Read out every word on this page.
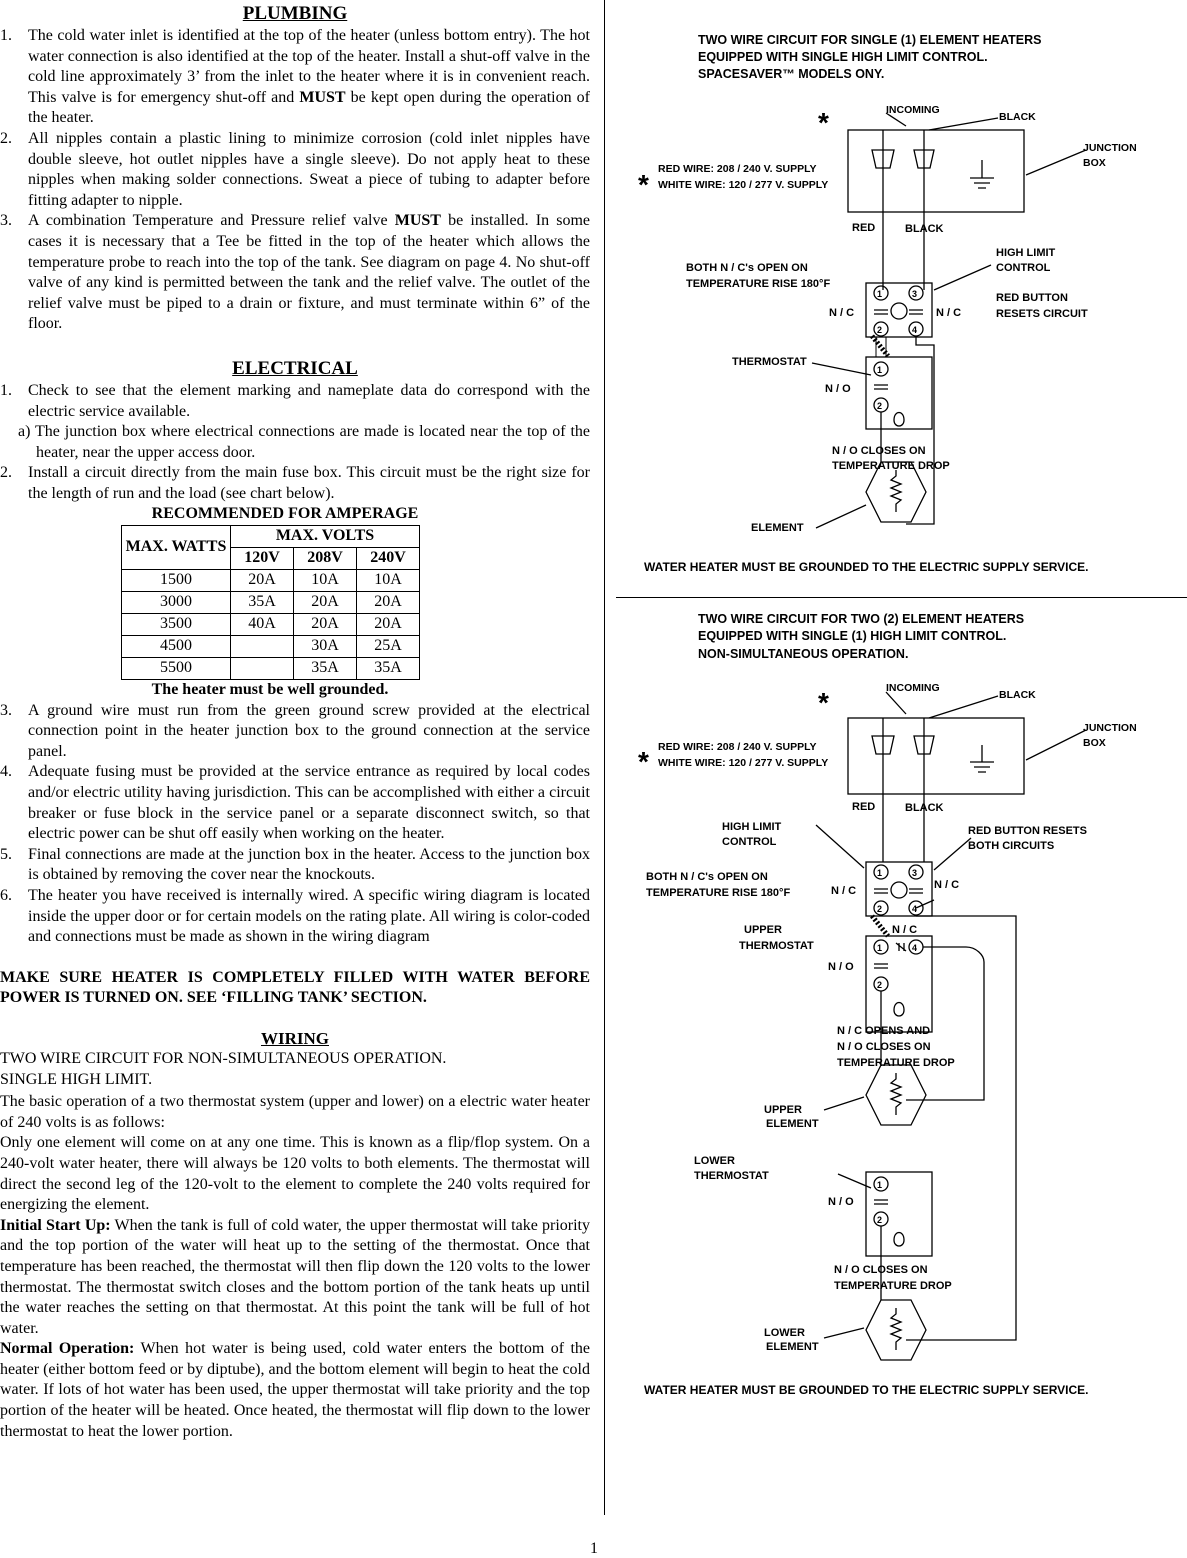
PLUMBING

1. The cold water inlet is identified at the top of the heater (unless bottom entry). The hot water connection is also identified at the top of the heater. Install a shut-off valve in the cold line approximately 3’ from the inlet to the heater where it is in convenient reach. This valve is for emergency shut-off and MUST be kept open during the operation of the heater.
2. All nipples contain a plastic lining to minimize corrosion (cold inlet nipples have double sleeve, hot outlet nipples have a single sleeve). Do not apply heat to these nipples when making solder connections. Sweat a piece of tubing to adapter before fitting adapter to nipple.
3. A combination Temperature and Pressure relief valve MUST be installed. In some cases it is necessary that a Tee be fitted in the top of the heater which allows the temperature probe to reach into the top of the tank. See diagram on page 4. No shut-off valve of any kind is permitted between the tank and the relief valve. The outlet of the relief valve must be piped to a drain or fixture, and must terminate within 6” of the floor.

ELECTRICAL

1. Check to see that the element marking and nameplate data do correspond with the electric service available.
a) The junction box where electrical connections are made is located near the top of the heater, near the upper access door.
2. Install a circuit directly from the main fuse box. This circuit must be the right size for the length of run and the load (see chart below).
RECOMMENDED FOR AMPERAGE
MAX. WATTS	MAX. VOLTS		
	120V	208V	240V
1500	20A	10A	10A
3000	35A	20A	20A
3500	40A	20A	20A
4500		30A	25A
5500		35A	35A
The heater must be well grounded.
3. A ground wire must run from the green ground screw provided at the electrical connection point in the heater junction box to the ground connection at the service panel.
4. Adequate fusing must be provided at the service entrance as required by local codes and/or electric utility having jurisdiction. This can be accomplished with either a circuit breaker or fuse block in the service panel or a separate disconnect switch, so that electric power can be shut off easily when working on the heater.
5. Final connections are made at the junction box in the heater. Access to the junction box is obtained by removing the cover near the knockouts.
6. The heater you have received is internally wired. A specific wiring diagram is located inside the upper door or for certain models on the rating plate. All wiring is color-coded and connections must be made as shown in the wiring diagram

MAKE SURE HEATER IS COMPLETELY FILLED WITH WATER BEFORE POWER IS TURNED ON. SEE ‘FILLING TANK’ SECTION.

WIRING

TWO WIRE CIRCUIT FOR NON-SIMULTANEOUS OPERATION.
SINGLE HIGH LIMIT.

The basic operation of a two thermostat system (upper and lower) on a electric water heater of 240 volts is as follows:

Only one element will come on at any one time. This is known as a flip/flop system. On a 240-volt water heater, there will always be 120 volts to both elements. The thermostat will direct the second leg of the 120-volt to the element to complete the 240 volts required for energizing the element.

Initial Start Up: When the tank is full of cold water, the upper thermostat will take priority and the top portion of the water will heat up to the setting of the thermostat. Once that temperature has been reached, the thermostat will then flip down the 120 volts to the lower thermostat. The thermostat switch closes and the bottom portion of the tank heats up until the water reaches the setting on that thermostat. At this point the tank will be full of hot water.

Normal Operation: When hot water is being used, cold water enters the bottom of the heater (either bottom feed or by diptube), and the bottom element will begin to heat the cold water. If lots of hot water has been used, the upper thermostat will take priority and the top portion of the heater will be heated. Once heated, the thermostat will flip down to the lower thermostat to heat the lower portion.

1
TWO WIRE CIRCUIT FOR SINGLE (1) ELEMENT HEATERS
EQUIPPED WITH SINGLE HIGH LIMIT CONTROL.
SPACESAVER™ MODELS ONY.
*
*
INCOMING
BLACK
JUNCTION
BOX
RED WIRE: 208 / 240 V. SUPPLY
WHITE WIRE: 120 / 277 V. SUPPLY
RED	BLACK
BOTH N / C's OPEN ON
TEMPERATURE RISE 180°F
HIGH LIMIT
CONTROL
RED BUTTON
RESETS CIRCUIT
N / C	N / C
THERMOSTAT
N / O
N / O CLOSES ON
TEMPERATURE DROP
ELEMENT
WATER HEATER MUST BE GROUNDED TO THE ELECTRIC SUPPLY SERVICE.
1	3
2	4
1
2
TWO WIRE CIRCUIT FOR TWO (2) ELEMENT HEATERS
EQUIPPED WITH SINGLE (1) HIGH LIMIT CONTROL.
NON-SIMULTANEOUS OPERATION.
*
*
INCOMING
BLACK
JUNCTION
BOX
RED WIRE: 208 / 240 V. SUPPLY
WHITE WIRE: 120 / 277 V. SUPPLY
RED	BLACK
HIGH LIMIT
CONTROL
RED BUTTON RESETS
BOTH CIRCUITS
BOTH N / C's OPEN ON
TEMPERATURE RISE 180°F	N / C	N / C
N / C
UPPER
THERMOSTAT
N / O
N / C OPENS AND
N / O CLOSES ON
TEMPERATURE DROP
UPPER
ELEMENT
LOWER
THERMOSTAT
N / O
N / O CLOSES ON
TEMPERATURE DROP
LOWER
ELEMENT
WATER HEATER MUST BE GROUNDED TO THE ELECTRIC SUPPLY SERVICE.
1	3
2	4
1	4
2
1
2
